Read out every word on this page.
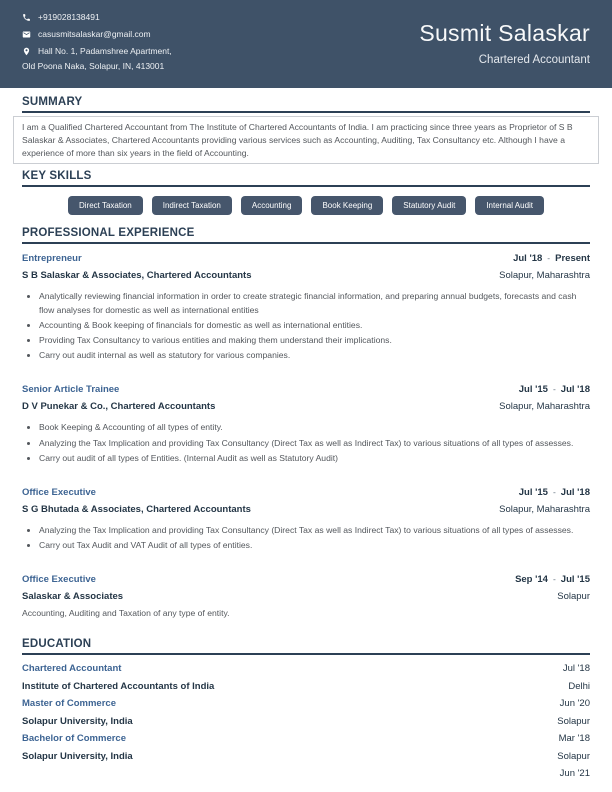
+919028138491
casusmitsalaskar@gmail.com
Hall No. 1, Padamshree Apartment,
Old Poona Naka, Solapur, IN, 413001
Susmit Salaskar
Chartered Accountant
SUMMARY
I am a Qualified Chartered Accountant from The Institute of Chartered Accountants of India. I am practicing since three years as Proprietor of S B Salaskar & Associates, Chartered Accountants providing various services such as Accounting, Auditing, Tax Consultancy etc. Although I have a experience of more than six years in the field of Accounting.
KEY SKILLS
Direct Taxation	Indirect Taxation	Accounting	Book Keeping	Statutory Audit	Internal Audit
PROFESSIONAL EXPERIENCE
Entrepreneur	Jul '18 - Present
S B Salaskar & Associates, Chartered Accountants	Solapur, Maharashtra
• Analytically reviewing financial information in order to create strategic financial information, and preparing annual budgets, forecasts and cash flow analyses for domestic as well as international entities
• Accounting & Book keeping of financials for domestic as well as international entities.
• Providing Tax Consultancy to various entities and making them understand their implications.
• Carry out audit internal as well as statutory for various companies.
Senior Article Trainee	Jul '15 - Jul '18
D V Punekar & Co., Chartered Accountants	Solapur, Maharashtra
• Book Keeping & Accounting of all types of entity.
• Analyzing the Tax Implication and providing Tax Consultancy (Direct Tax as well as Indirect Tax) to various situations of all types of assesses.
• Carry out audit of all types of Entities. (Internal Audit as well as Statutory Audit)
Office Executive	Jul '15 - Jul '18
S G Bhutada & Associates, Chartered Accountants	Solapur, Maharashtra
• Analyzing the Tax Implication and providing Tax Consultancy (Direct Tax as well as Indirect Tax) to various situations of all types of assesses.
• Carry out Tax Audit and VAT Audit of all types of entities.
Office Executive	Sep '14 - Jul '15
Salaskar & Associates	Solapur
Accounting, Auditing and Taxation of any type of entity.
EDUCATION
Chartered Accountant	Jul '18
Institute of Chartered Accountants of India	Delhi
Master of Commerce	Jun '20
Solapur University, India	Solapur
Bachelor of Commerce	Mar '18
Solapur University, India	Solapur
Jun '21
